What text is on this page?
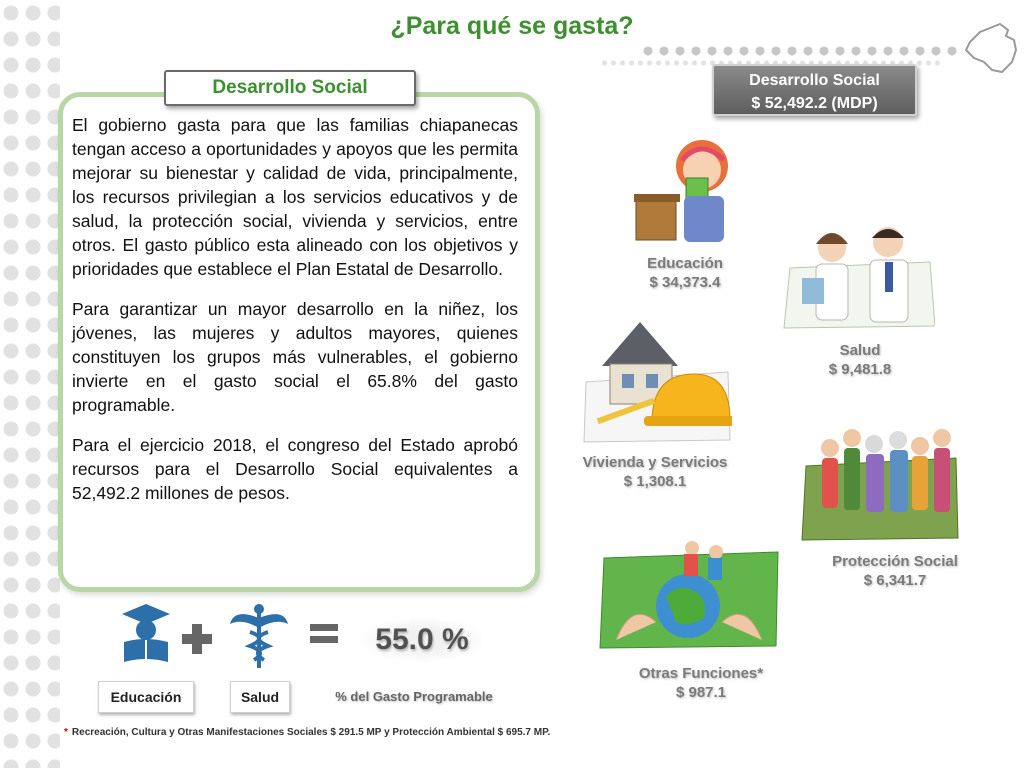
¿Para qué se gasta?
Desarrollo Social

El gobierno gasta para que las familias chiapanecas tengan acceso a oportunidades y apoyos que les permita mejorar su bienestar y calidad de vida, principalmente, los recursos privilegian a los servicios educativos y de salud, la protección social, vivienda y servicios, entre otros. El gasto público esta alineado con los objetivos y prioridades que establece el Plan Estatal de Desarrollo.

Para garantizar un mayor desarrollo en la niñez, los jóvenes, las mujeres y adultos mayores, quienes constituyen los grupos más vulnerables, el gobierno invierte en el gasto social el 65.8% del gasto programable.

Para el ejercicio 2018, el congreso del Estado aprobó recursos para el Desarrollo Social equivalentes a 52,492.2 millones de pesos.

Desarrollo Social
$ 52,492.2 (MDP)
Educación
$ 34,373.4
Salud
$ 9,481.8
Vivienda y Servicios
$ 1,308.1
Protección Social
$ 6,341.7
Otras Funciones*
$ 987.1
55.0 %
Educación	Salud	% del Gasto Programable
* Recreación, Cultura y Otras Manifestaciones Sociales $ 291.5 MP y Protección Ambiental $ 695.7 MP.
